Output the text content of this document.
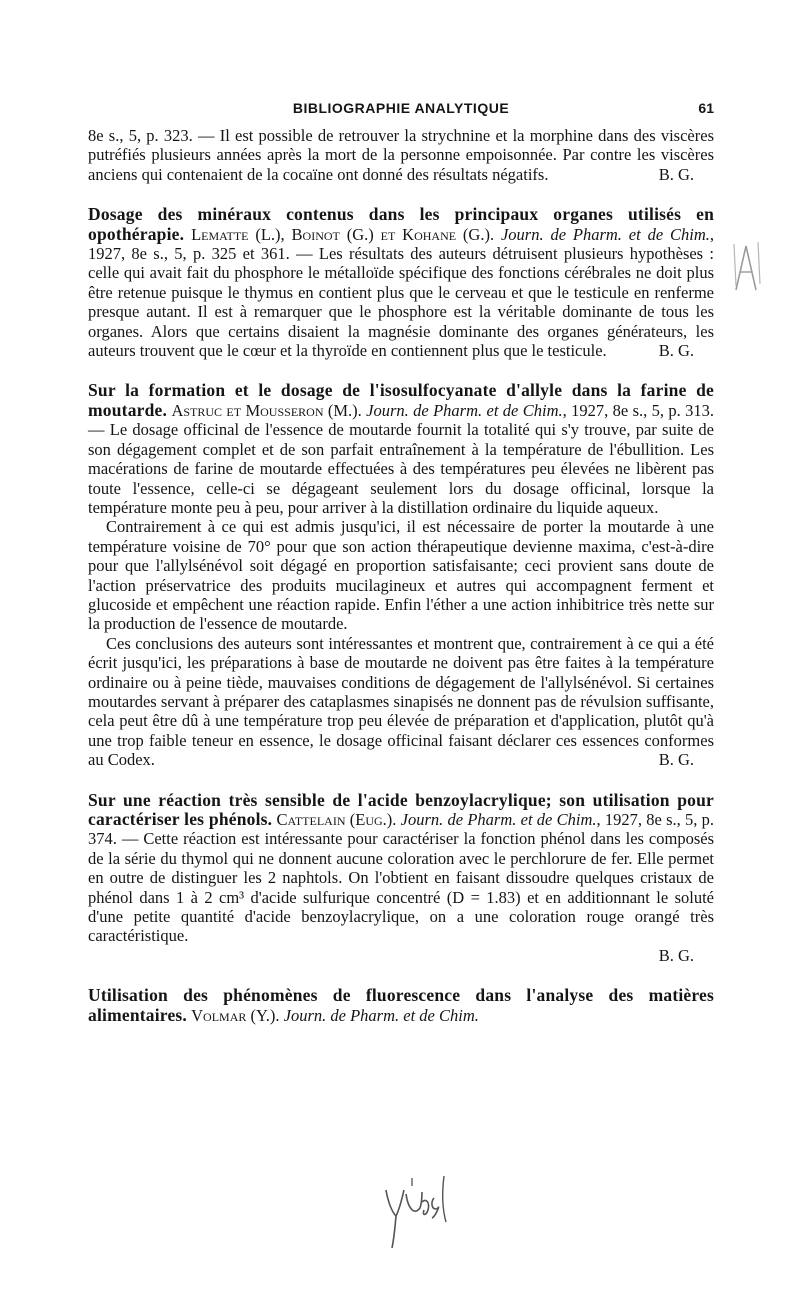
BIBLIOGRAPHIE ANALYTIQUE	61

8e s., 5, p. 323. — Il est possible de retrouver la strychnine et la morphine dans des viscères putréfiés plusieurs années après la mort de la personne empoisonnée. Par contre les viscères anciens qui contenaient de la cocaïne ont donné des résultats négatifs.	B. G.

Dosage des minéraux contenus dans les principaux organes utilisés en opothérapie. Lematte (L.), Boinot (G.) et Kohane (G.). Journ. de Pharm. et de Chim., 1927, 8e s., 5, p. 325 et 361. — Les résultats des auteurs détruisent plusieurs hypothèses : celle qui avait fait du phosphore le métalloïde spécifique des fonctions cérébrales ne doit plus être retenue puisque le thymus en contient plus que le cerveau et que le testicule en renferme presque autant. Il est à remarquer que le phosphore est la véritable dominante de tous les organes. Alors que certains disaient la magnésie dominante des organes générateurs, les auteurs trouvent que le cœur et la thyroïde en contiennent plus que le testicule.	B. G.

Sur la formation et le dosage de l'isosulfocyanate d'allyle dans la farine de moutarde. Astruc et Mousseron (M.). Journ. de Pharm. et de Chim., 1927, 8e s., 5, p. 313. — Le dosage officinal de l'essence de moutarde fournit la totalité qui s'y trouve, par suite de son dégagement complet et de son parfait entraînement à la température de l'ébullition. Les macérations de farine de moutarde effectuées à des températures peu élevées ne libèrent pas toute l'essence, celle-ci se dégageant seulement lors du dosage officinal, lorsque la température monte peu à peu, pour arriver à la distillation ordinaire du liquide aqueux.

Contrairement à ce qui est admis jusqu'ici, il est nécessaire de porter la moutarde à une température voisine de 70° pour que son action thérapeutique devienne maxima, c'est-à-dire pour que l'allylsénévol soit dégagé en proportion satisfaisante; ceci provient sans doute de l'action préservatrice des produits mucilagineux et autres qui accompagnent ferment et glucoside et empêchent une réaction rapide. Enfin l'éther a une action inhibitrice très nette sur la production de l'essence de moutarde.

Ces conclusions des auteurs sont intéressantes et montrent que, contrairement à ce qui a été écrit jusqu'ici, les préparations à base de moutarde ne doivent pas être faites à la température ordinaire ou à peine tiède, mauvaises conditions de dégagement de l'allylsénévol. Si certaines moutardes servant à préparer des cataplasmes sinapisés ne donnent pas de révulsion suffisante, cela peut être dû à une température trop peu élevée de préparation et d'application, plutôt qu'à une trop faible teneur en essence, le dosage officinal faisant déclarer ces essences conformes au Codex.	B. G.

Sur une réaction très sensible de l'acide benzoylacrylique; son utilisation pour caractériser les phénols. Cattelain (Eug.). Journ. de Pharm. et de Chim., 1927, 8e s., 5, p. 374. — Cette réaction est intéressante pour caractériser la fonction phénol dans les composés de la série du thymol qui ne donnent aucune coloration avec le perchlorure de fer. Elle permet en outre de distinguer les 2 naphtols. On l'obtient en faisant dissoudre quelques cristaux de phénol dans 1 à 2 cm³ d'acide sulfurique concentré (D = 1.83) et en additionnant le soluté d'une petite quantité d'acide benzoylacrylique, on a une coloration rouge orangé très caractéristique.

B. G.

Utilisation des phénomènes de fluorescence dans l'analyse des matières alimentaires. Volmar (Y.). Journ. de Pharm. et de Chim.
